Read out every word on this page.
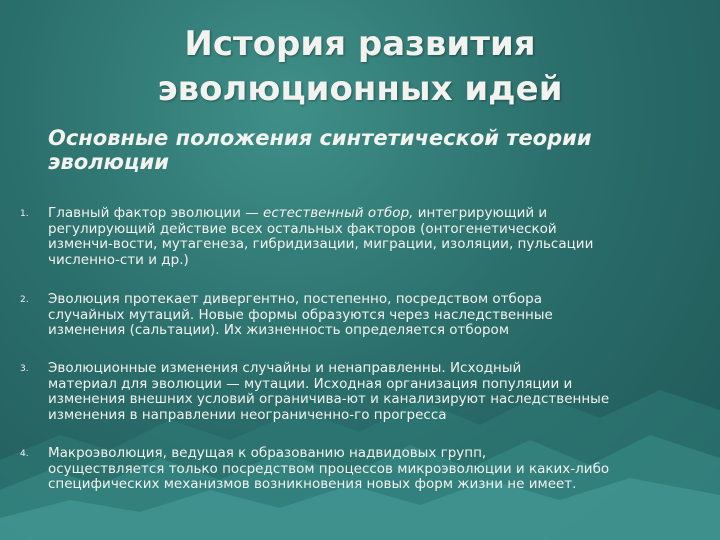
История развития
эволюционных идей
Основные положения синтетической теории
эволюции
1. Главный фактор эволюции — естественный отбор, интегрирующий и
регулирующий действие всех остальных факторов (онтогенетической
изменчи-вости, мутагенеза, гибридизации, миграции, изоляции, пульсации
численно-сти и др.)
2. Эволюция протекает дивергентно, постепенно, посредством отбора
случайных мутаций. Новые формы образуются через наследственные
изменения (сальтации). Их жизненность определяется отбором
3. Эволюционные изменения случайны и ненаправленны. Исходный
материал для эволюции — мутации. Исходная организация популяции и
изменения внешних условий ограничива-ют и канализируют наследственные
изменения в направлении неограниченно-го прогресса
4. Макроэволюция, ведущая к образованию надвидовых групп,
осуществляется только посредством процессов микроэволюции и каких-либо
специфических механизмов возникновения новых форм жизни не имеет.
